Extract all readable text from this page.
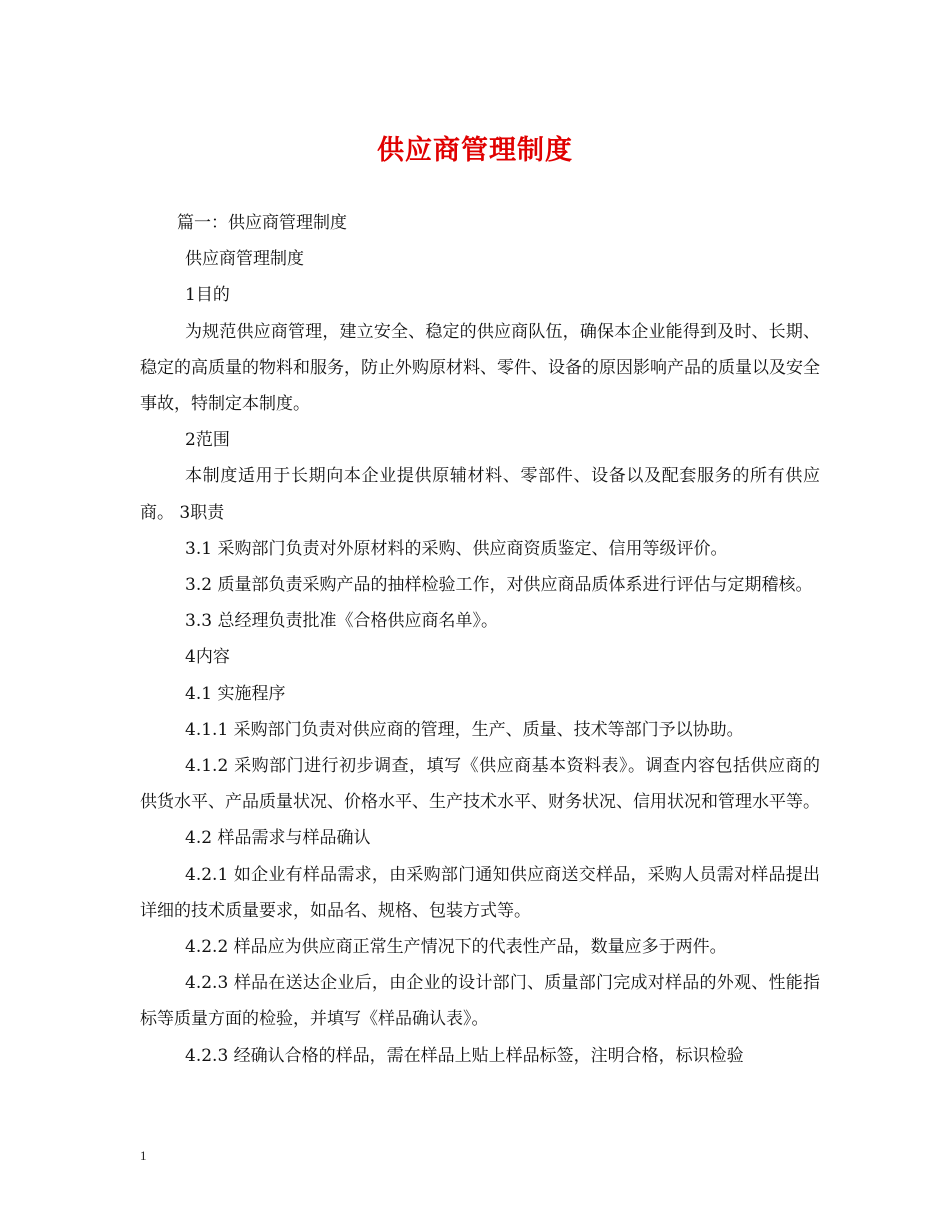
供应商管理制度

篇一：供应商管理制度

供应商管理制度

1目的

为规范供应商管理，建立安全、稳定的供应商队伍，确保本企业能得到及时、长期、稳定的高质量的物料和服务，防止外购原材料、零件、设备的原因影响产品的质量以及安全事故，特制定本制度。

2范围

本制度适用于长期向本企业提供原辅材料、零部件、设备以及配套服务的所有供应商。 3职责

3.1 采购部门负责对外原材料的采购、供应商资质鉴定、信用等级评价。

3.2 质量部负责采购产品的抽样检验工作，对供应商品质体系进行评估与定期稽核。

3.3 总经理负责批准《合格供应商名单》。

4内容

4.1 实施程序

4.1.1 采购部门负责对供应商的管理，生产、质量、技术等部门予以协助。

4.1.2 采购部门进行初步调查，填写《供应商基本资料表》。调查内容包括供应商的供货水平、产品质量状况、价格水平、生产技术水平、财务状况、信用状况和管理水平等。

4.2 样品需求与样品确认

4.2.1 如企业有样品需求，由采购部门通知供应商送交样品，采购人员需对样品提出详细的技术质量要求，如品名、规格、包装方式等。

4.2.2 样品应为供应商正常生产情况下的代表性产品，数量应多于两件。

4.2.3 样品在送达企业后，由企业的设计部门、质量部门完成对样品的外观、性能指标等质量方面的检验，并填写《样品确认表》。

4.2.3 经确认合格的样品，需在样品上贴上样品标签，注明合格，标识检验

1
